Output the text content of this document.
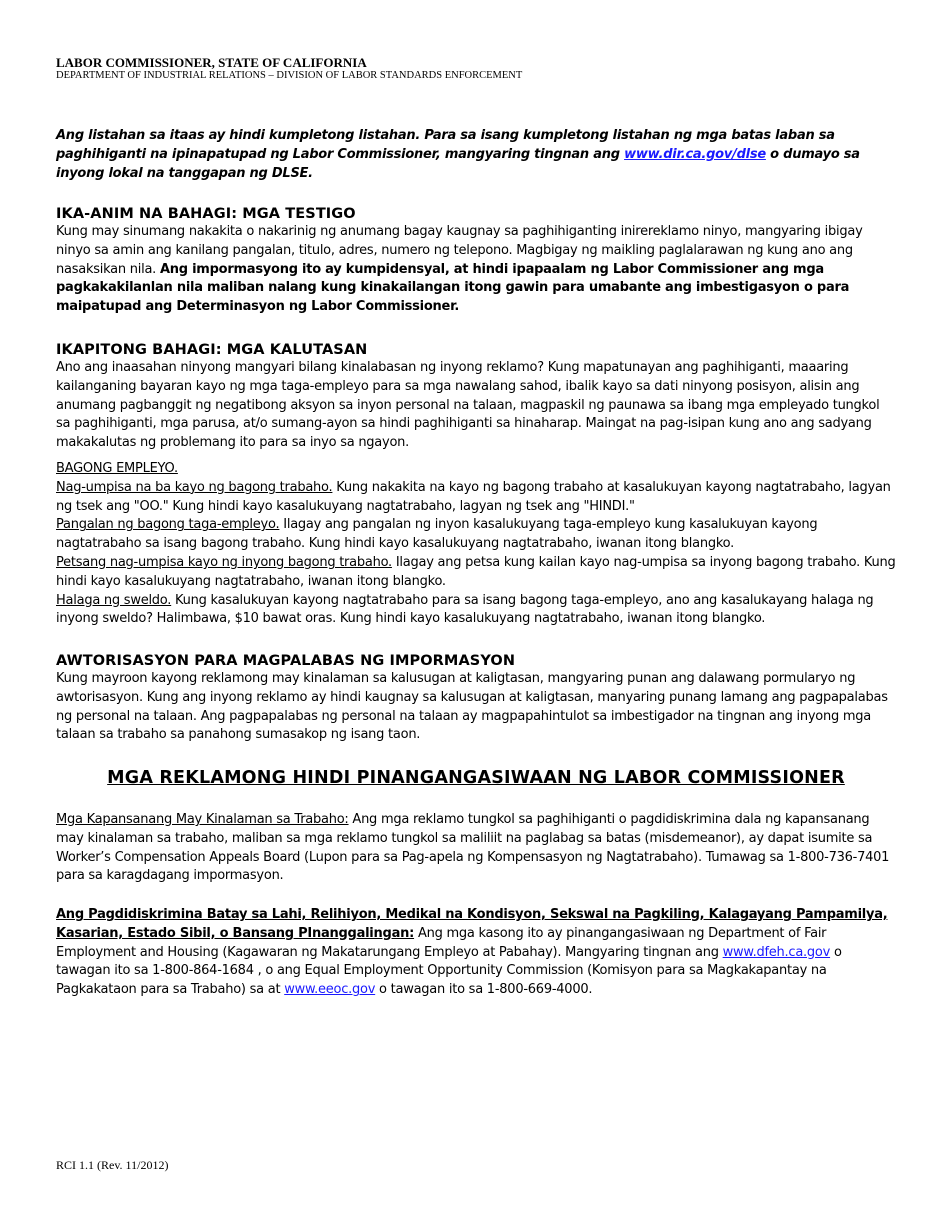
LABOR COMMISSIONER, STATE OF CALIFORNIA
DEPARTMENT OF INDUSTRIAL RELATIONS – DIVISION OF LABOR STANDARDS ENFORCEMENT

Ang listahan sa itaas ay hindi kumpletong listahan. Para sa isang kumpletong listahan ng mga batas laban sa paghihiganti na ipinapatupad ng Labor Commissioner, mangyaring tingnan ang www.dir.ca.gov/dlse o dumayo sa inyong lokal na tanggapan ng DLSE.

IKA-ANIM NA BAHAGI: MGA TESTIGO

Kung may sinumang nakakita o nakarinig ng anumang bagay kaugnay sa paghihiganting inirereklamo ninyo, mangyaring ibigay ninyo sa amin ang kanilang pangalan, titulo, adres, numero ng telepono. Magbigay ng maikling paglalarawan ng kung ano ang nasaksikan nila. Ang impormasyong ito ay kumpidensyal, at hindi ipapaalam ng Labor Commissioner ang mga pagkakakilanlan nila maliban nalang kung kinakailangan itong gawin para umabante ang imbestigasyon o para maipatupad ang Determinasyon ng Labor Commissioner.

IKAPITONG BAHAGI: MGA KALUTASAN

Ano ang inaasahan ninyong mangyari bilang kinalabasan ng inyong reklamo? Kung mapatunayan ang paghihiganti, maaaring kailanganing bayaran kayo ng mga taga-empleyo para sa mga nawalang sahod, ibalik kayo sa dati ninyong posisyon, alisin ang anumang pagbanggit ng negatibong aksyon sa inyon personal na talaan, magpaskil ng paunawa sa ibang mga empleyado tungkol sa paghihiganti, mga parusa, at/o sumang-ayon sa hindi paghihiganti sa hinaharap. Maingat na pag-isipan kung ano ang sadyang makakalutas ng problemang ito para sa inyo sa ngayon.

BAGONG EMPLEYO.

Nag-umpisa na ba kayo ng bagong trabaho. Kung nakakita na kayo ng bagong trabaho at kasalukuyan kayong nagtatrabaho, lagyan ng tsek ang "OO." Kung hindi kayo kasalukuyang nagtatrabaho, lagyan ng tsek ang "HINDI."

Pangalan ng bagong taga-empleyo. Ilagay ang pangalan ng inyon kasalukuyang taga-empleyo kung kasalukuyan kayong nagtatrabaho sa isang bagong trabaho. Kung hindi kayo kasalukuyang nagtatrabaho, iwanan itong blangko.

Petsang nag-umpisa kayo ng inyong bagong trabaho. Ilagay ang petsa kung kailan kayo nag-umpisa sa inyong bagong trabaho. Kung hindi kayo kasalukuyang nagtatrabaho, iwanan itong blangko.

Halaga ng sweldo. Kung kasalukuyan kayong nagtatrabaho para sa isang bagong taga-empleyo, ano ang kasalukayang halaga ng inyong sweldo? Halimbawa, $10 bawat oras. Kung hindi kayo kasalukuyang nagtatrabaho, iwanan itong blangko.

AWTORISASYON PARA MAGPALABAS NG IMPORMASYON

Kung mayroon kayong reklamong may kinalaman sa kalusugan at kaligtasan, mangyaring punan ang dalawang pormularyo ng awtorisasyon. Kung ang inyong reklamo ay hindi kaugnay sa kalusugan at kaligtasan, manyaring punang lamang ang pagpapalabas ng personal na talaan. Ang pagpapalabas ng personal na talaan ay magpapahintulot sa imbestigador na tingnan ang inyong mga talaan sa trabaho sa panahong sumasakop ng isang taon.

MGA REKLAMONG HINDI PINANGANGASIWAAN NG LABOR COMMISSIONER

Mga Kapansanang May Kinalaman sa Trabaho: Ang mga reklamo tungkol sa paghihiganti o pagdidiskrimina dala ng kapansanang may kinalaman sa trabaho, maliban sa mga reklamo tungkol sa maliliit na paglabag sa batas (misdemeanor), ay dapat isumite sa Worker’s Compensation Appeals Board (Lupon para sa Pag-apela ng Kompensasyon ng Nagtatrabaho). Tumawag sa 1-800-736-7401 para sa karagdagang impormasyon.

Ang Pagdidiskrimina Batay sa Lahi, Relihiyon, Medikal na Kondisyon, Sekswal na Pagkiling, Kalagayang Pampamilya, Kasarian, Estado Sibil, o Bansang PInanggalingan: Ang mga kasong ito ay pinangangasiwaan ng Department of Fair Employment and Housing (Kagawaran ng Makatarungang Empleyo at Pabahay). Mangyaring tingnan ang www.dfeh.ca.gov o tawagan ito sa 1-800-864-1684 , o ang Equal Employment Opportunity Commission (Komisyon para sa Magkakapantay na Pagkakataon para sa Trabaho) sa at www.eeoc.gov o tawagan ito sa 1-800-669-4000.

RCI 1.1 (Rev. 11/2012)
